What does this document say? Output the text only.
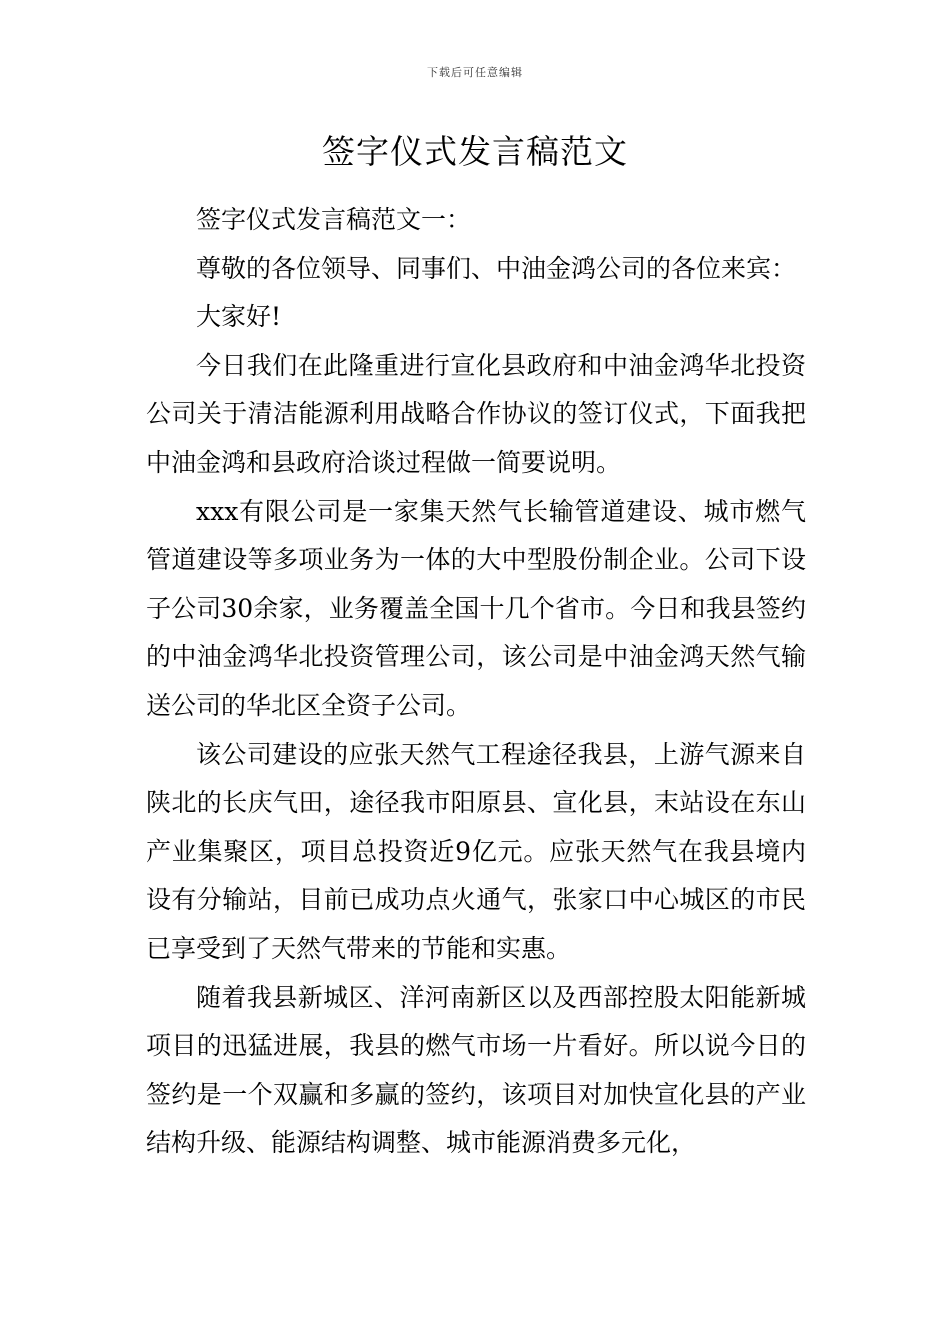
下载后可任意编辑
签字仪式发言稿范文

签字仪式发言稿范文一：

尊敬的各位领导、同事们、中油金鸿公司的各位来宾：

大家好!

今日我们在此隆重进行宣化县政府和中油金鸿华北投资公司关于清洁能源利用战略合作协议的签订仪式，下面我把中油金鸿和县政府洽谈过程做一简要说明。

xxx有限公司是一家集天然气长输管道建设、城市燃气管道建设等多项业务为一体的大中型股份制企业。公司下设子公司30余家，业务覆盖全国十几个省市。今日和我县签约的中油金鸿华北投资管理公司，该公司是中油金鸿天然气输送公司的华北区全资子公司。

该公司建设的应张天然气工程途径我县，上游气源来自陕北的长庆气田，途径我市阳原县、宣化县，末站设在东山产业集聚区，项目总投资近9亿元。应张天然气在我县境内设有分输站，目前已成功点火通气，张家口中心城区的市民已享受到了天然气带来的节能和实惠。

随着我县新城区、洋河南新区以及西部控股太阳能新城项目的迅猛进展，我县的燃气市场一片看好。所以说今日的签约是一个双赢和多赢的签约，该项目对加快宣化县的产业结构升级、能源结构调整、城市能源消费多元化，
